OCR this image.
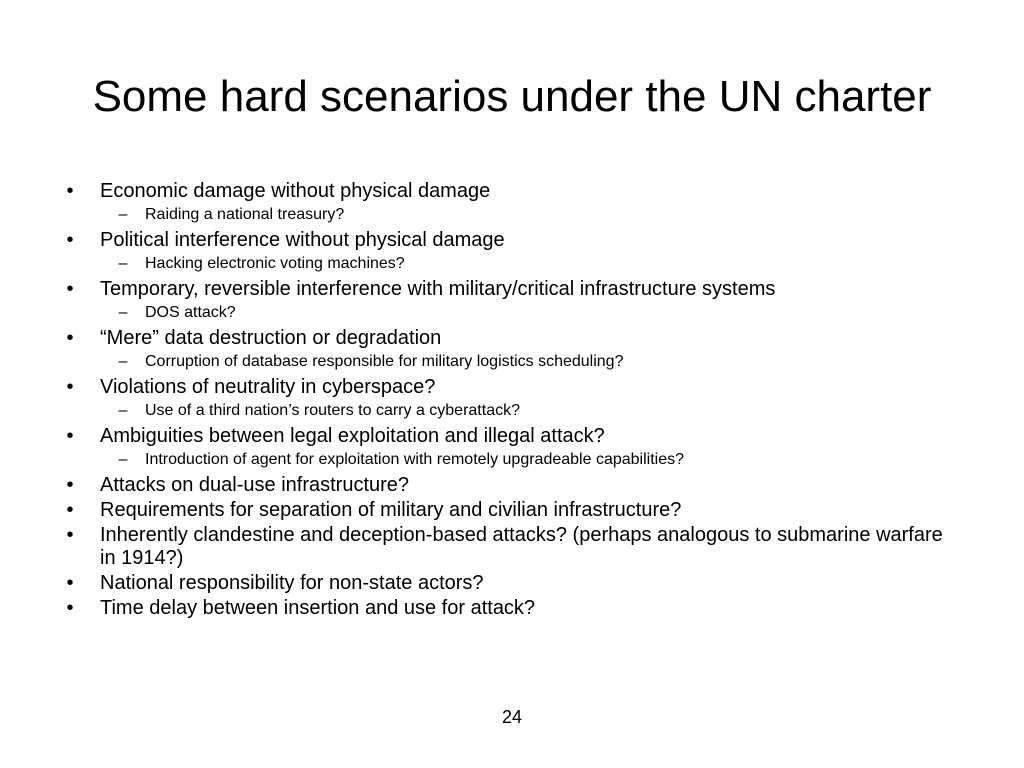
Some hard scenarios under the UN charter
•	Economic damage without physical damage
– Raiding a national treasury?
•	Political interference without physical damage
– Hacking electronic voting machines?
•	Temporary, reversible interference with military/critical infrastructure systems
– DOS attack?
•	“Mere” data destruction or degradation
– Corruption of database responsible for military logistics scheduling?
•	Violations of neutrality in cyberspace?
– Use of a third nation’s routers to carry a cyberattack?
•	Ambiguities between legal exploitation and illegal attack?
– Introduction of agent for exploitation with remotely upgradeable capabilities?
•	Attacks on dual-use infrastructure?
•	Requirements for separation of military and civilian infrastructure?
•	Inherently clandestine and deception-based attacks? (perhaps analogous to submarine warfare in 1914?)
•	National responsibility for non-state actors?
•	Time delay between insertion and use for attack?
24
